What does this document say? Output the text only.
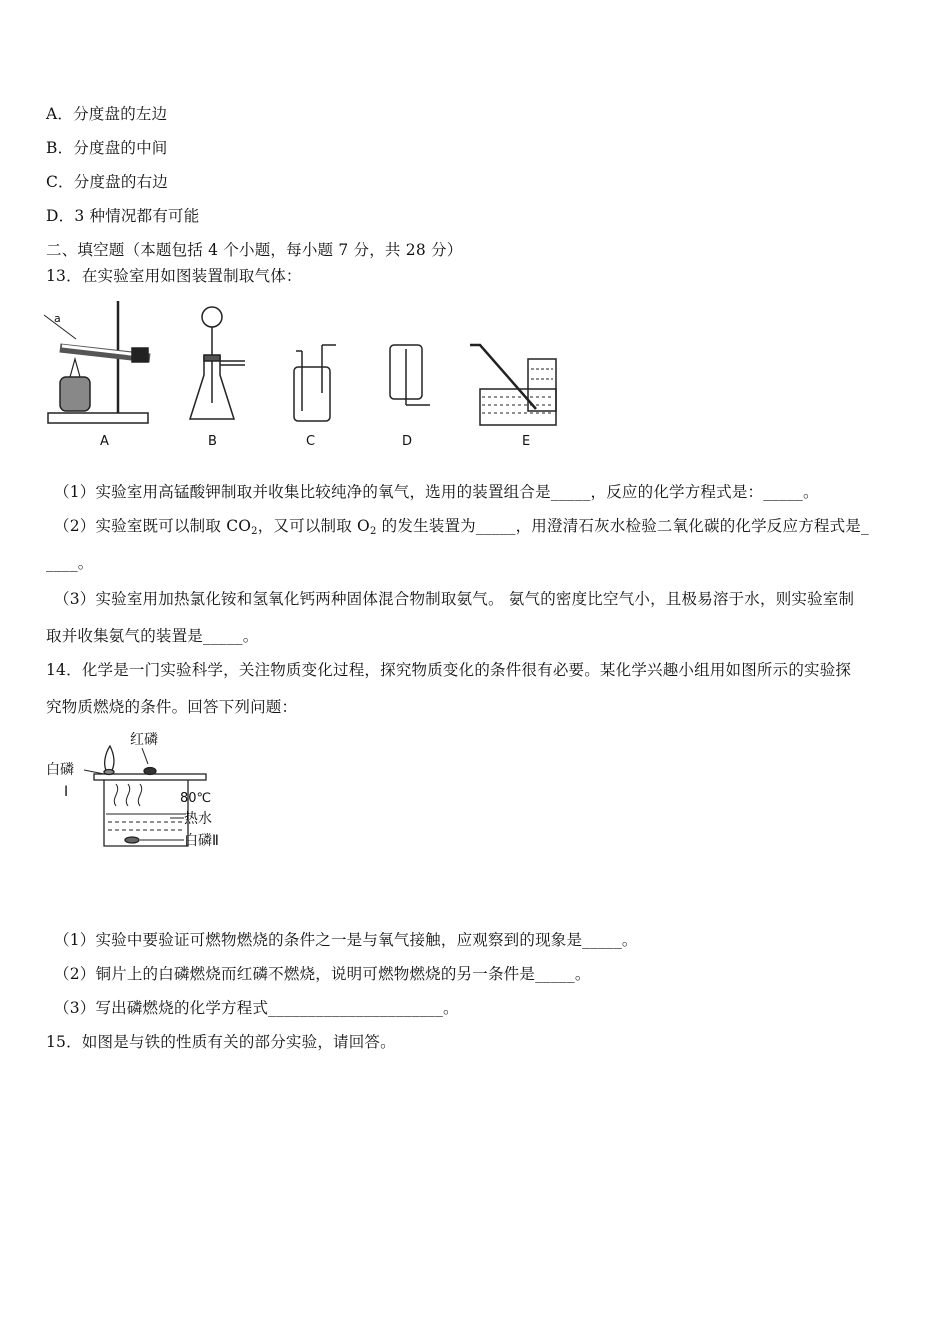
A．分度盘的左边
B．分度盘的中间
C．分度盘的右边
D．3 种情况都有可能
二、填空题（本题包括 4 个小题，每小题 7 分，共 28 分）
13．在实验室用如图装置制取气体：
a
A	B	C	D	E
（1）实验室用高锰酸钾制取并收集比较纯净的氧气，选用的装置组合是_____，反应的化学方程式是：_____。
（2）实验室既可以制取 CO2，又可以制取 O2 的发生装置为_____，用澄清石灰水检验二氧化碳的化学反应方程式是_
____。
（3）实验室用加热氯化铵和氢氧化钙两种固体混合物制取氨气。 氨气的密度比空气小，且极易溶于水，则实验室制
取并收集氨气的装置是_____。
14．化学是一门实验科学，关注物质变化过程，探究物质变化的条件很有必要。某化学兴趣小组用如图所示的实验探
究物质燃烧的条件。回答下列问题：
红磷
白磷
I	80℃
热水
白磷Ⅱ
（1）实验中要验证可燃物燃烧的条件之一是与氧气接触，应观察到的现象是_____。
（2）铜片上的白磷燃烧而红磷不燃烧，说明可燃物燃烧的另一条件是_____。
（3）写出磷燃烧的化学方程式______________________。
15．如图是与铁的性质有关的部分实验，请回答。
